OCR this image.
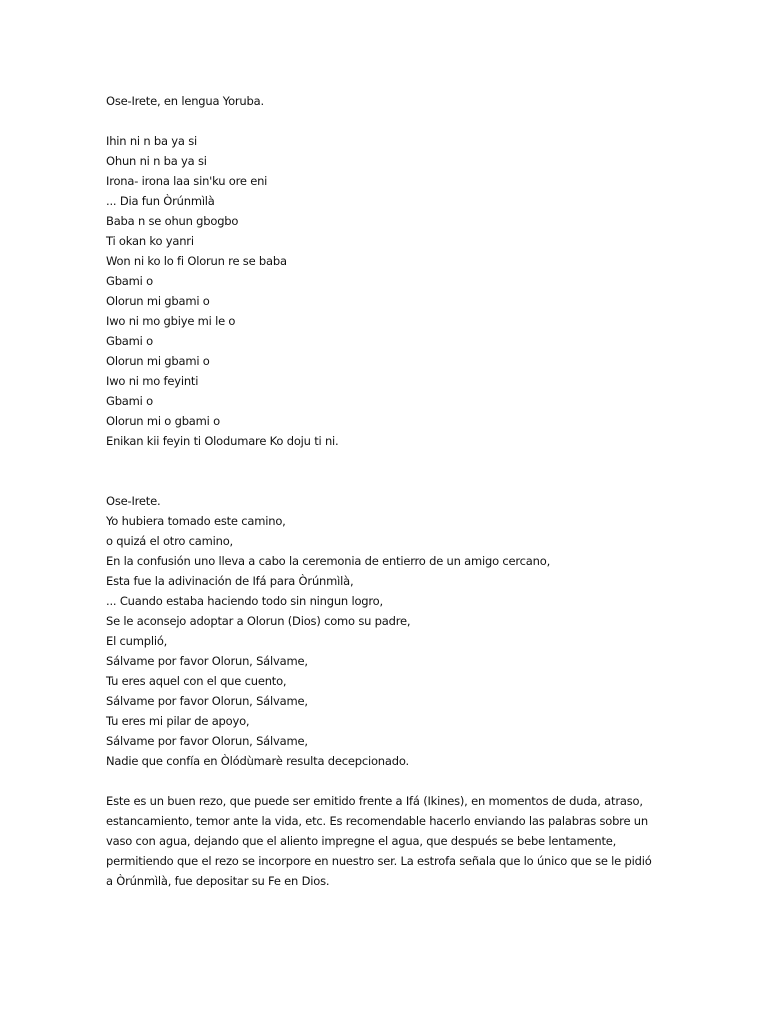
Ose-Irete, en lengua Yoruba.
Ihin ni n ba ya si
Ohun ni n ba ya si
Irona- irona laa sin'ku ore eni
... Dia fun Òrúnmìlà
Baba n se ohun gbogbo
Ti okan ko yanri
Won ni ko lo fi Olorun re se baba
Gbami o
Olorun mi gbami o
Iwo ni mo gbiye mi le o
Gbami o
Olorun mi gbami o
Iwo ni mo feyinti
Gbami o
Olorun mi o gbami o
Enikan kii feyin ti Olodumare Ko doju ti ni.
Ose-Irete.
Yo hubiera tomado este camino,
o quizá el otro camino,
En la confusión uno lleva a cabo la ceremonia de entierro de un amigo cercano,
Esta fue la adivinación de Ifá para Òrúnmìlà,
... Cuando estaba haciendo todo sin ningun logro,
Se le aconsejo adoptar a Olorun (Dios) como su padre,
El cumplió,
Sálvame por favor Olorun, Sálvame,
Tu eres aquel con el que cuento,
Sálvame por favor Olorun, Sálvame,
Tu eres mi pilar de apoyo,
Sálvame por favor Olorun, Sálvame,
Nadie que confía en Òlódùmarè resulta decepcionado.
Este es un buen rezo, que puede ser emitido frente a Ifá (Ikines), en momentos de duda, atraso,
estancamiento, temor ante la vida, etc. Es recomendable hacerlo enviando las palabras sobre un
vaso con agua, dejando que el aliento impregne el agua, que después se bebe lentamente,
permitiendo que el rezo se incorpore en nuestro ser. La estrofa señala que lo único que se le pidió
a Òrúnmìlà, fue depositar su Fe en Dios.
